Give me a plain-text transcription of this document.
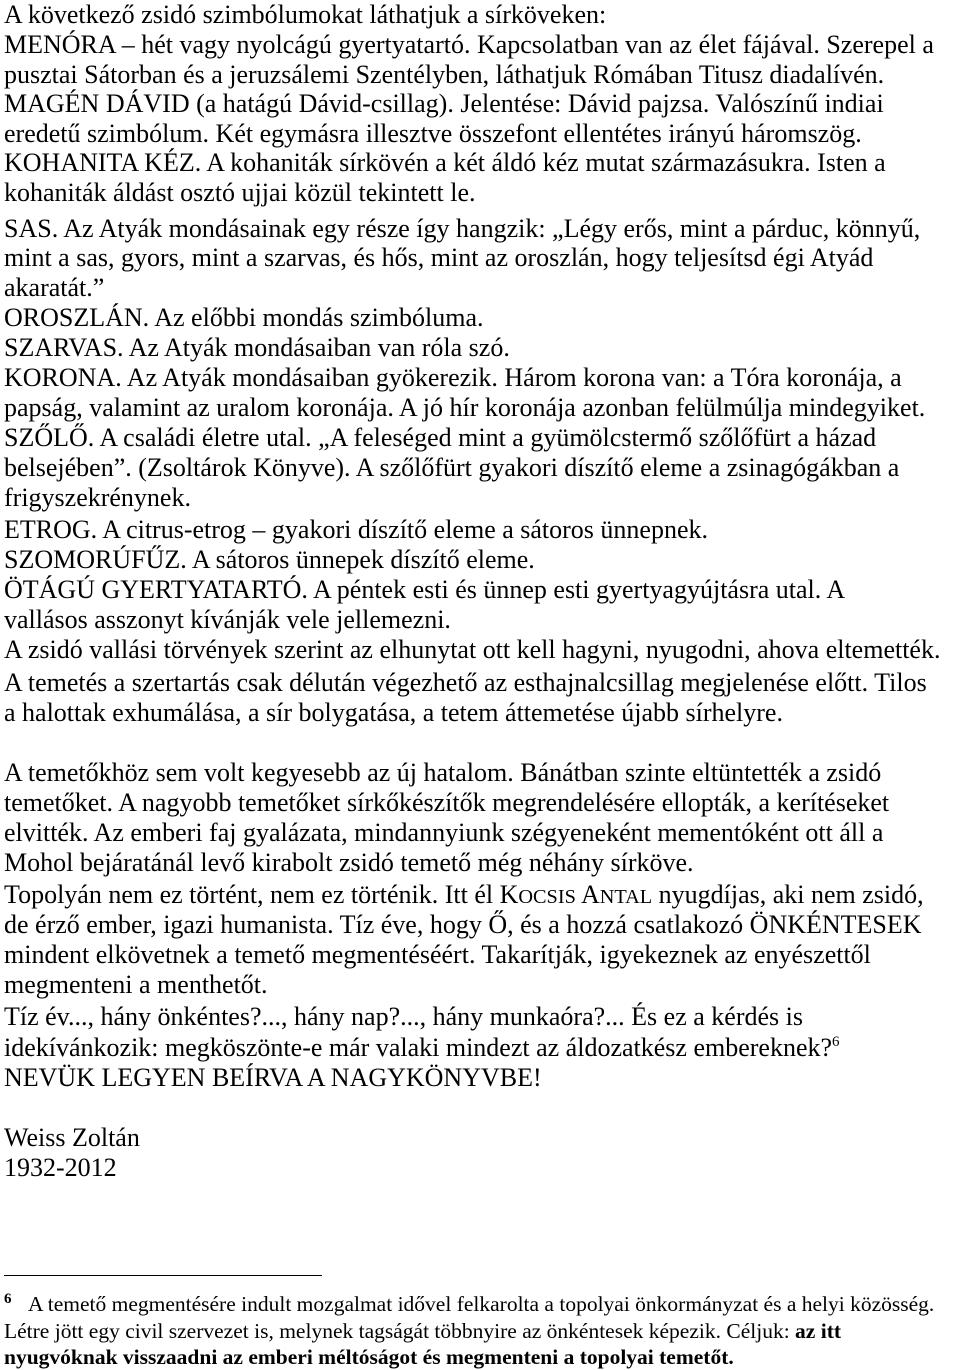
A következő zsidó szimbólumokat láthatjuk a sírköveken:
MENÓRA – hét vagy nyolcágú gyertyatartó. Kapcsolatban van az élet fájával. Szerepel a
pusztai Sátorban és a jeruzsálemi Szentélyben, láthatjuk Rómában Titusz diadalívén.
MAGÉN DÁVID (a hatágú Dávid-csillag). Jelentése: Dávid pajzsa. Valószínű indiai
eredetű szimbólum. Két egymásra illesztve összefont ellentétes irányú háromszög.
KOHANITA KÉZ. A kohaniták sírkövén a két áldó kéz mutat származásukra. Isten a
kohaniták áldást osztó ujjai közül tekintett le.
SAS. Az Atyák mondásainak egy része így hangzik: „Légy erős, mint a párduc, könnyű,
mint a sas, gyors, mint a szarvas, és hős, mint az oroszlán, hogy teljesítsd égi Atyád
akaratát.”
OROSZLÁN. Az előbbi mondás szimbóluma.
SZARVAS. Az Atyák mondásaiban van róla szó.
KORONA. Az Atyák mondásaiban gyökerezik. Három korona van: a Tóra koronája, a
papság, valamint az uralom koronája. A jó hír koronája azonban felülmúlja mindegyiket.
SZŐLŐ. A családi életre utal. „A feleséged mint a gyümölcstermő szőlőfürt a házad
belsejében”. (Zsoltárok Könyve). A szőlőfürt gyakori díszítő eleme a zsinagógákban a
frigyszekrénynek.
ETROG. A citrus-etrog – gyakori díszítő eleme a sátoros ünnepnek.
SZOMORÚFŰZ. A sátoros ünnepek díszítő eleme.
ÖTÁGÚ GYERTYATARTÓ. A péntek esti és ünnep esti gyertyagyújtásra utal. A
vallásos asszonyt kívánják vele jellemezni.
A zsidó vallási törvények szerint az elhunytat ott kell hagyni, nyugodni, ahova eltemették.
A temetés a szertartás csak délután végezhető az esthajnalcsillag megjelenése előtt. Tilos
a halottak exhumálása, a sír bolygatása, a tetem áttemetése újabb sírhelyre.
A temetőkhöz sem volt kegyesebb az új hatalom. Bánátban szinte eltüntették a zsidó
temetőket. A nagyobb temetőket sírkőkészítők megrendelésére ellopták, a kerítéseket
elvitték. Az emberi faj gyalázata, mindannyiunk szégyeneként mementóként ott áll a
Mohol bejáratánál levő kirabolt zsidó temető még néhány sírköve.
Topolyán nem ez történt, nem ez történik. Itt él KOCSIS ANTAL nyugdíjas, aki nem zsidó,
de érző ember, igazi humanista. Tíz éve, hogy Ő, és a hozzá csatlakozó ÖNKÉNTESEK
mindent elkövetnek a temető megmentéséért. Takarítják, igyekeznek az enyészettől
megmenteni a menthetőt.
Tíz év..., hány önkéntes?..., hány nap?..., hány munkaóra?... És ez a kérdés is
idekívánkozik: megköszönte-e már valaki mindezt az áldozatkész embereknek?$^6$
NEVÜK LEGYEN BEÍRVA A NAGYKÖNYVBE!
Weiss Zoltán
1932-2012
6 A temető megmentésére indult mozgalmat idővel felkarolta a topolyai önkormányzat és a helyi közösség.
Létre jött egy civil szervezet is, melynek tagságát többnyire az önkéntesek képezik. Céljuk: az itt
nyugvóknak visszaadni az emberi méltóságot és megmenteni a topolyai temetőt.
